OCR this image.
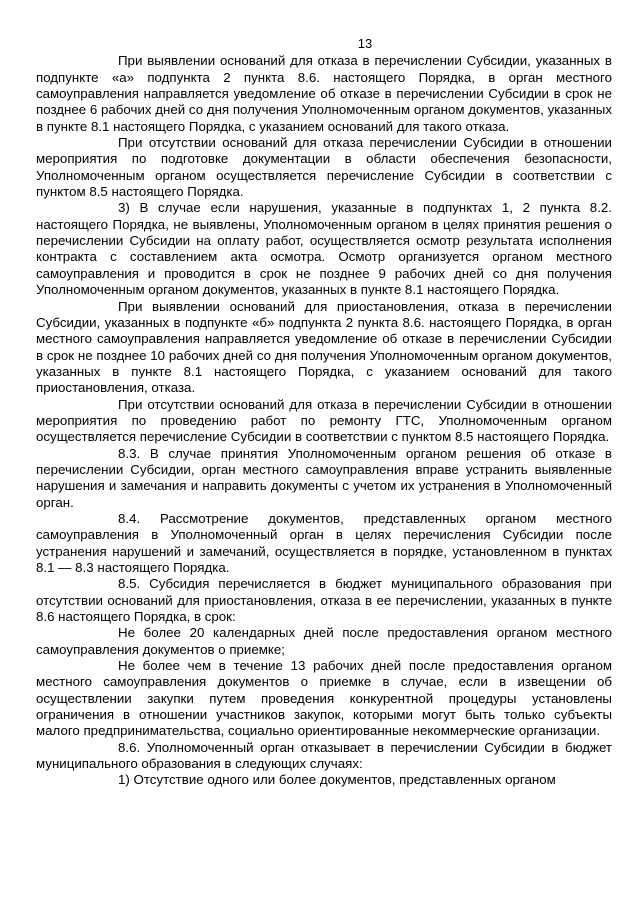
13

При выявлении оснований для отказа в перечислении Субсидии, указанных в подпункте «а» подпункта 2 пункта 8.6. настоящего Порядка, в орган местного самоуправления направляется уведомление об отказе в перечислении Субсидии в срок не позднее 6 рабочих дней со дня получения Уполномоченным органом документов, указанных в пункте 8.1 настоящего Порядка, с указанием оснований для такого отказа.

При отсутствии оснований для отказа перечислении Субсидии в отношении мероприятия по подготовке документации в области обеспечения безопасности, Уполномоченным органом осуществляется перечисление Субсидии в соответствии с пунктом 8.5 настоящего Порядка.

3) В случае если нарушения, указанные в подпунктах 1, 2 пункта 8.2. настоящего Порядка, не выявлены, Уполномоченным органом в целях принятия решения о перечислении Субсидии на оплату работ, осуществляется осмотр результата исполнения контракта с составлением акта осмотра. Осмотр организуется органом местного самоуправления и проводится в срок не позднее 9 рабочих дней со дня получения Уполномоченным органом документов, указанных в пункте 8.1 настоящего Порядка.

При выявлении оснований для приостановления, отказа в перечислении Субсидии, указанных в подпункте «б» подпункта 2 пункта 8.6. настоящего Порядка, в орган местного самоуправления направляется уведомление об отказе в перечислении Субсидии в срок не позднее 10 рабочих дней со дня получения Уполномоченным органом документов, указанных в пункте 8.1 настоящего Порядка, с указанием оснований для такого приостановления, отказа.

При отсутствии оснований для отказа в перечислении Субсидии в отношении мероприятия по проведению работ по ремонту ГТС, Уполномоченным органом осуществляется перечисление Субсидии в соответствии с пунктом 8.5 настоящего Порядка.

8.3. В случае принятия Уполномоченным органом решения об отказе в перечислении Субсидии, орган местного самоуправления вправе устранить выявленные нарушения и замечания и направить документы с учетом их устранения в Уполномоченный орган.

8.4. Рассмотрение документов, представленных органом местного самоуправления в Уполномоченный орган в целях перечисления Субсидии после устранения нарушений и замечаний, осуществляется в порядке, установленном в пунктах 8.1 — 8.3 настоящего Порядка.

8.5. Субсидия перечисляется в бюджет муниципального образования при отсутствии оснований для приостановления, отказа в ее перечислении, указанных в пункте 8.6 настоящего Порядка, в срок:

Не более 20 календарных дней после предоставления органом местного самоуправления документов о приемке;

Не более чем в течение 13 рабочих дней после предоставления органом местного самоуправления документов о приемке в случае, если в извещении об осуществлении закупки путем проведения конкурентной процедуры установлены ограничения в отношении участников закупок, которыми могут быть только субъекты малого предпринимательства, социально ориентированные некоммерческие организации.

8.6. Уполномоченный орган отказывает в перечислении Субсидии в бюджет муниципального образования в следующих случаях:

1) Отсутствие одного или более документов, представленных органом
